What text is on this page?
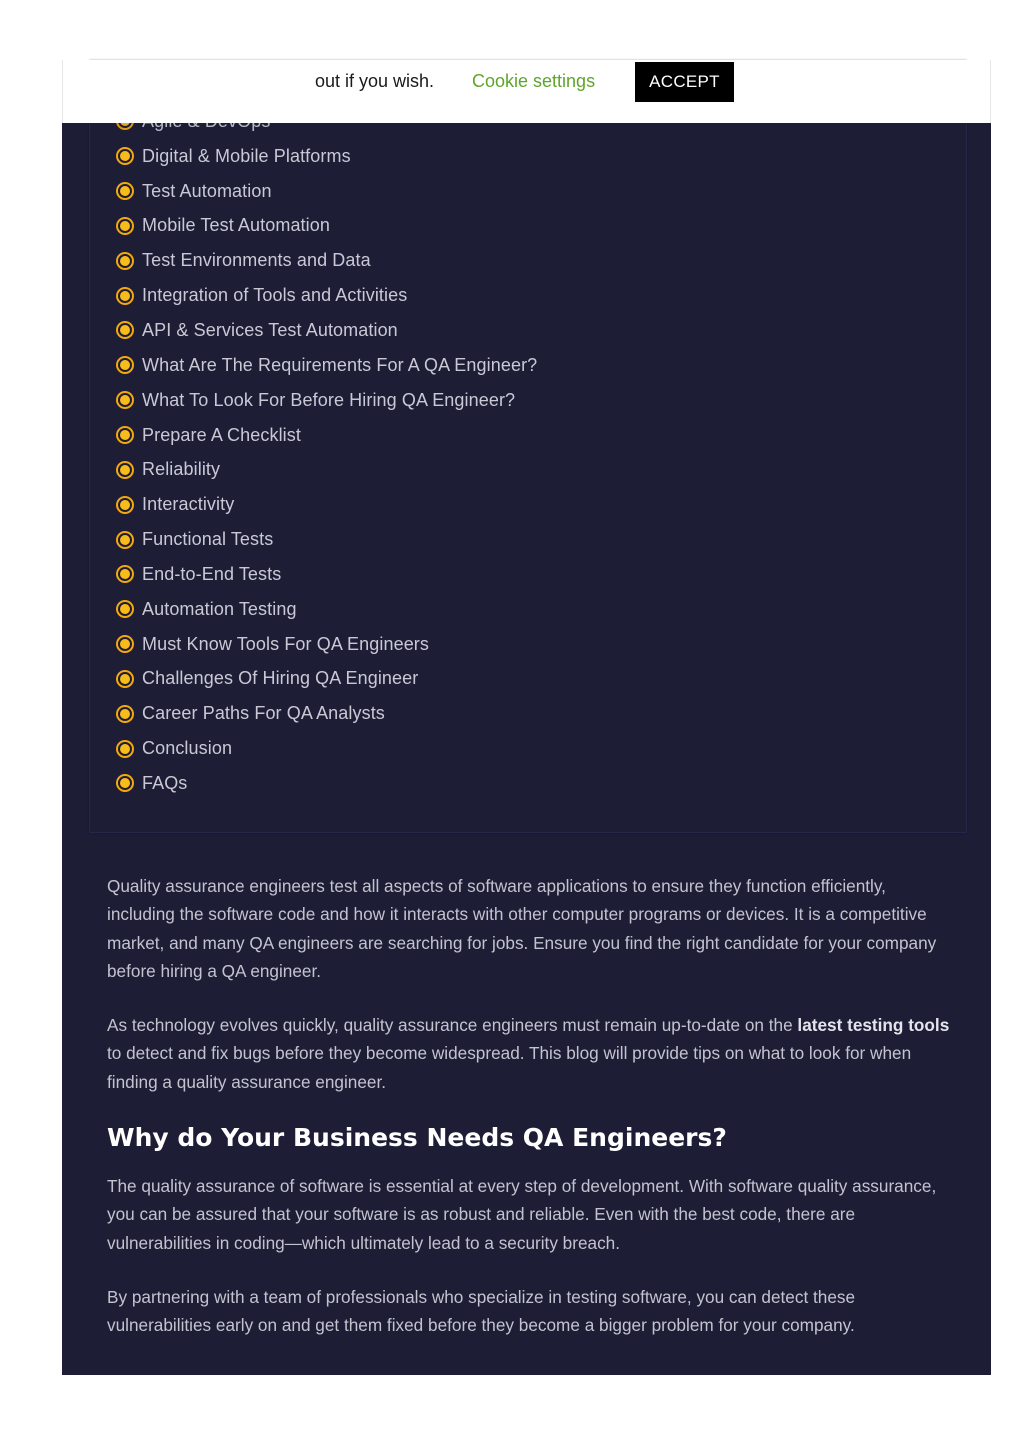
Digital & Mobile Platforms
Test Automation
Mobile Test Automation
Test Environments and Data
Integration of Tools and Activities
API & Services Test Automation
What Are The Requirements For A QA Engineer?
What To Look For Before Hiring QA Engineer?
Prepare A Checklist
Reliability
Interactivity
Functional Tests
End-to-End Tests
Automation Testing
Must Know Tools For QA Engineers
Challenges Of Hiring QA Engineer
Career Paths For QA Analysts
Conclusion
FAQs
out if you wish. Cookie settings	ACCEPT

Quality assurance engineers test all aspects of software applications to ensure they function efficiently, including the software code and how it interacts with other computer programs or devices. It is a competitive market, and many QA engineers are searching for jobs. Ensure you find the right candidate for your company before hiring a QA engineer.

As technology evolves quickly, quality assurance engineers must remain up-to-date on the latest testing tools to detect and fix bugs before they become widespread. This blog will provide tips on what to look for when finding a quality assurance engineer.

Why do Your Business Needs QA Engineers?

The quality assurance of software is essential at every step of development. With software quality assurance, you can be assured that your software is as robust and reliable. Even with the best code, there are vulnerabilities in coding—which ultimately lead to a security breach.

By partnering with a team of professionals who specialize in testing software, you can detect these vulnerabilities early on and get them fixed before they become a bigger problem for your company.
